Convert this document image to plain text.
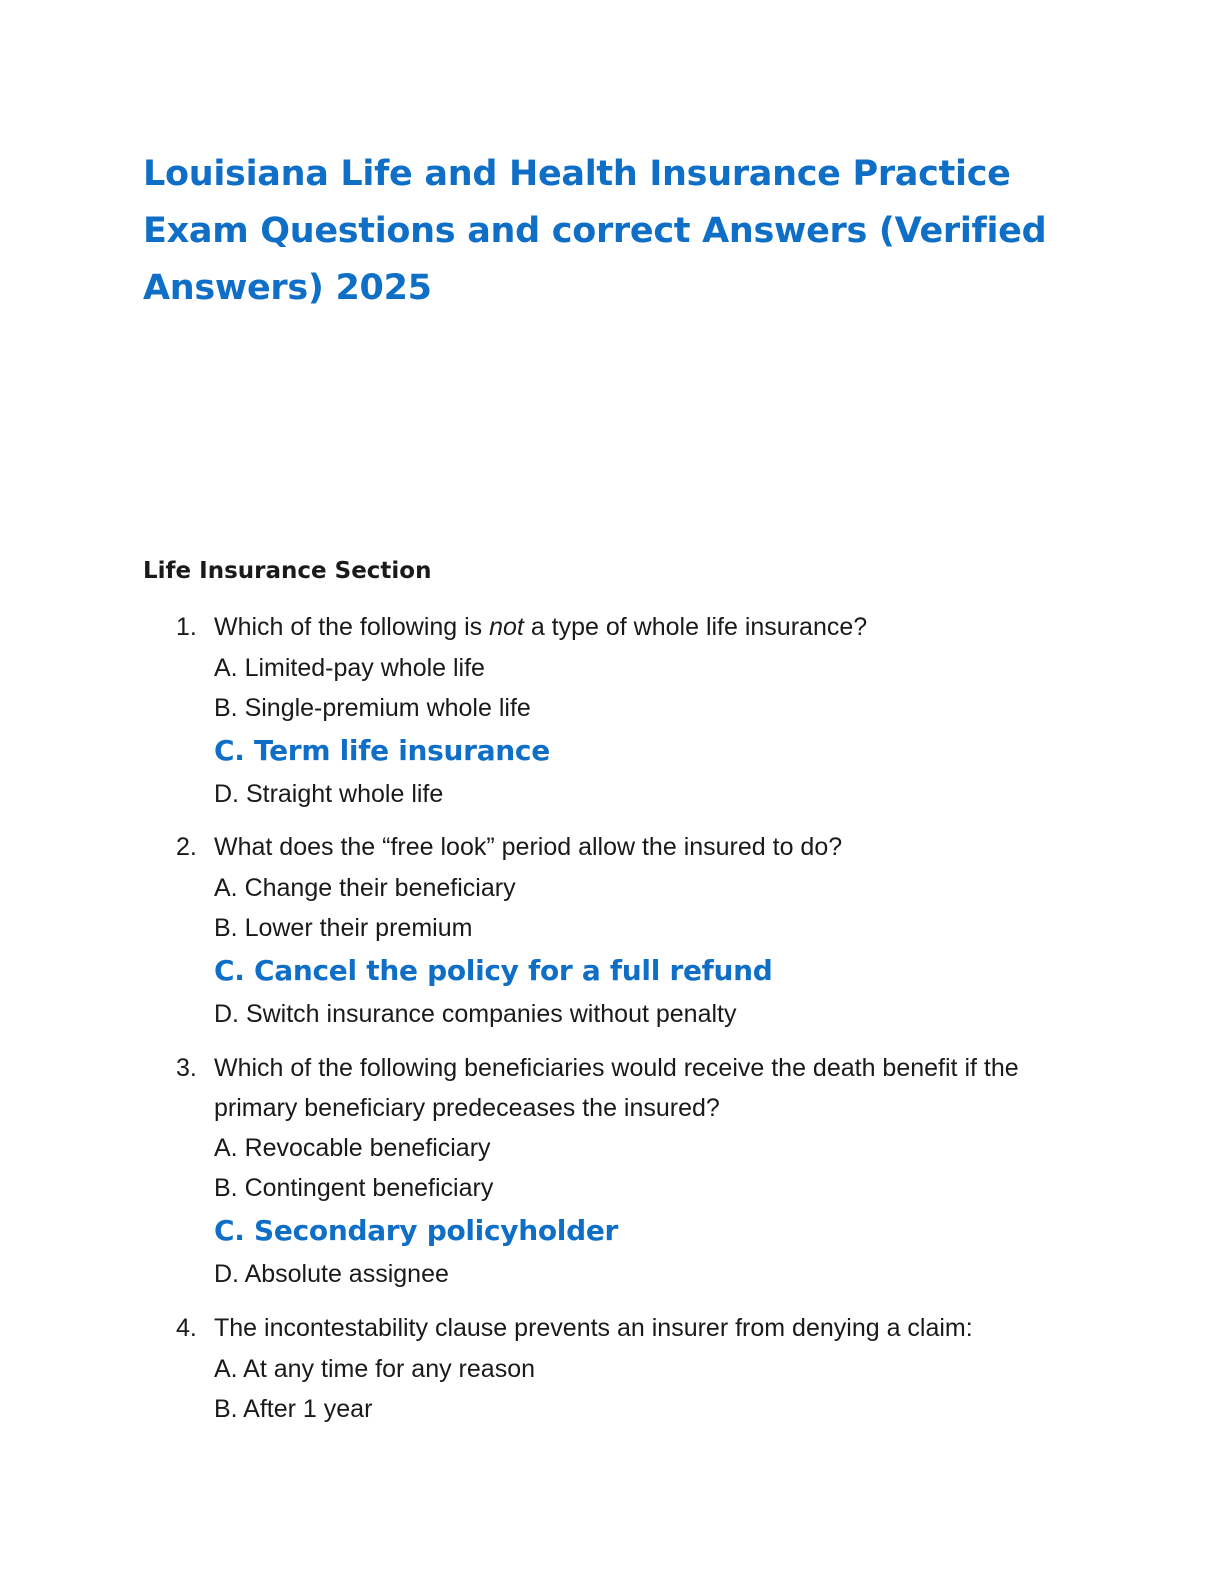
Louisiana Life and Health Insurance Practice Exam Questions and correct Answers (Verified Answers) 2025
Life Insurance Section
1. Which of the following is not a type of whole life insurance?
A. Limited-pay whole life
B. Single-premium whole life
C. Term life insurance
D. Straight whole life
2. What does the “free look” period allow the insured to do?
A. Change their beneficiary
B. Lower their premium
C. Cancel the policy for a full refund
D. Switch insurance companies without penalty
3. Which of the following beneficiaries would receive the death benefit if the primary beneficiary predeceases the insured?
A. Revocable beneficiary
B. Contingent beneficiary
C. Secondary policyholder
D. Absolute assignee
4. The incontestability clause prevents an insurer from denying a claim:
A. At any time for any reason
B. After 1 year
